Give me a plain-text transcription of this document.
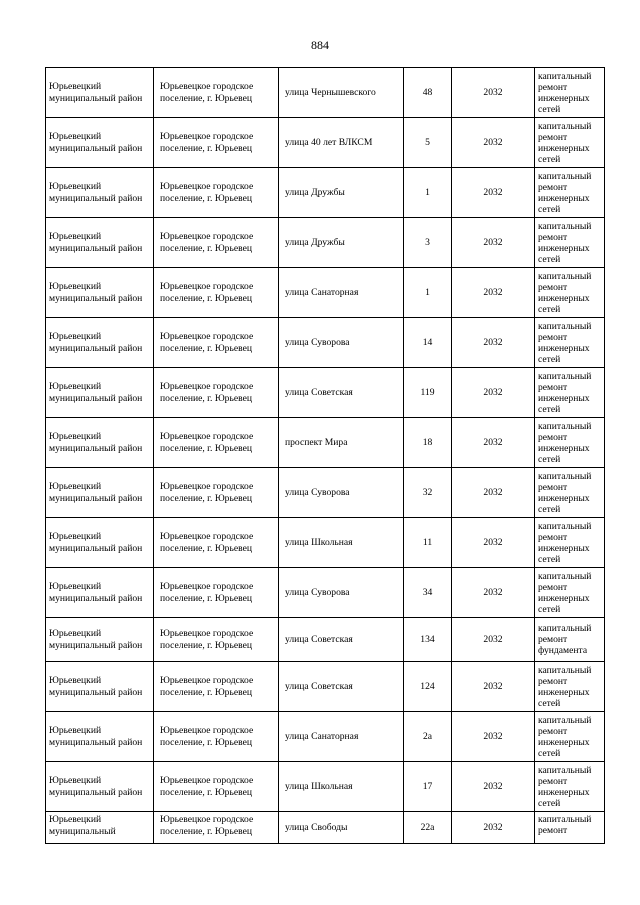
884
Юрьевецкий муниципальный район	Юрьевецкое городское поселение, г. Юрьевец	улица Чернышевского	48	2032	капитальный ремонт инженерных сетей
Юрьевецкий муниципальный район	Юрьевецкое городское поселение, г. Юрьевец	улица 40 лет ВЛКСМ	5	2032	капитальный ремонт инженерных сетей
Юрьевецкий муниципальный район	Юрьевецкое городское поселение, г. Юрьевец	улица Дружбы	1	2032	капитальный ремонт инженерных сетей
Юрьевецкий муниципальный район	Юрьевецкое городское поселение, г. Юрьевец	улица Дружбы	3	2032	капитальный ремонт инженерных сетей
Юрьевецкий муниципальный район	Юрьевецкое городское поселение, г. Юрьевец	улица Санаторная	1	2032	капитальный ремонт инженерных сетей
Юрьевецкий муниципальный район	Юрьевецкое городское поселение, г. Юрьевец	улица Суворова	14	2032	капитальный ремонт инженерных сетей
Юрьевецкий муниципальный район	Юрьевецкое городское поселение, г. Юрьевец	улица Советская	119	2032	капитальный ремонт инженерных сетей
Юрьевецкий муниципальный район	Юрьевецкое городское поселение, г. Юрьевец	проспект Мира	18	2032	капитальный ремонт инженерных сетей
Юрьевецкий муниципальный район	Юрьевецкое городское поселение, г. Юрьевец	улица Суворова	32	2032	капитальный ремонт инженерных сетей
Юрьевецкий муниципальный район	Юрьевецкое городское поселение, г. Юрьевец	улица Школьная	11	2032	капитальный ремонт инженерных сетей
Юрьевецкий муниципальный район	Юрьевецкое городское поселение, г. Юрьевец	улица Суворова	34	2032	капитальный ремонт инженерных сетей
Юрьевецкий муниципальный район	Юрьевецкое городское поселение, г. Юрьевец	улица Советская	134	2032	капитальный ремонт фундамента
Юрьевецкий муниципальный район	Юрьевецкое городское поселение, г. Юрьевец	улица Советская	124	2032	капитальный ремонт инженерных сетей
Юрьевецкий муниципальный район	Юрьевецкое городское поселение, г. Юрьевец	улица Санаторная	2а	2032	капитальный ремонт инженерных сетей
Юрьевецкий муниципальный район	Юрьевецкое городское поселение, г. Юрьевец	улица Школьная	17	2032	капитальный ремонт инженерных сетей
Юрьевецкий муниципальный	Юрьевецкое городское поселение, г. Юрьевец	улица Свободы	22а	2032	капитальный ремонт
